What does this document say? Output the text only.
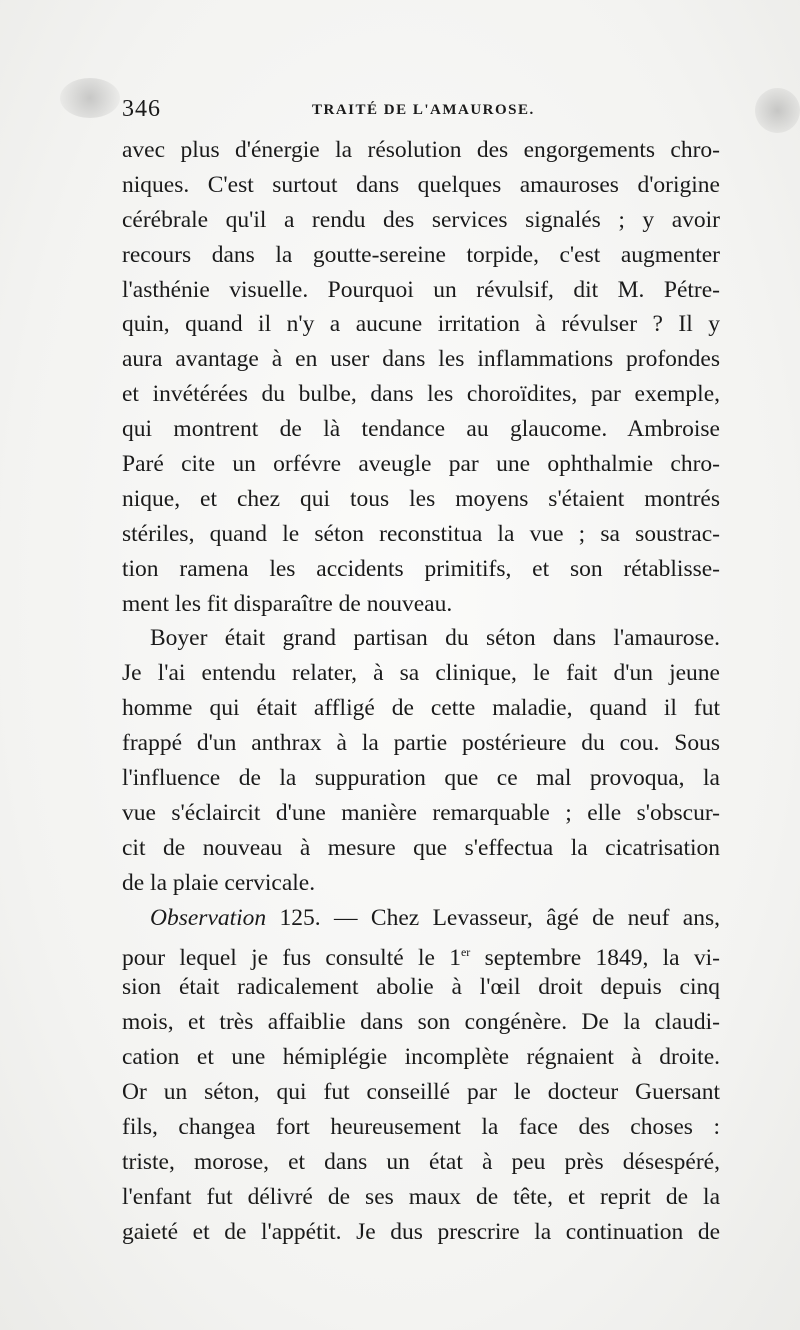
346	TRAITÉ DE L'AMAUROSE.
avec plus d'énergie la résolution des engorgements chro-
niques. C'est surtout dans quelques amauroses d'origine
cérébrale qu'il a rendu des services signalés ; y avoir
recours dans la goutte-sereine torpide, c'est augmenter
l'asthénie visuelle. Pourquoi un révulsif, dit M. Pétre-
quin, quand il n'y a aucune irritation à révulser ? Il y
aura avantage à en user dans les inflammations profondes
et invétérées du bulbe, dans les choroïdites, par exemple,
qui montrent de là tendance au glaucome. Ambroise
Paré cite un orfévre aveugle par une ophthalmie chro-
nique, et chez qui tous les moyens s'étaient montrés
stériles, quand le séton reconstitua la vue ; sa soustrac-
tion ramena les accidents primitifs, et son rétablisse-
ment les fit disparaître de nouveau.
Boyer était grand partisan du séton dans l'amaurose.
Je l'ai entendu relater, à sa clinique, le fait d'un jeune
homme qui était affligé de cette maladie, quand il fut
frappé d'un anthrax à la partie postérieure du cou. Sous
l'influence de la suppuration que ce mal provoqua, la
vue s'éclaircit d'une manière remarquable ; elle s'obscur-
cit de nouveau à mesure que s'effectua la cicatrisation
de la plaie cervicale.
Observation 125. — Chez Levasseur, âgé de neuf ans,
pour lequel je fus consulté le 1er septembre 1849, la vi-
sion était radicalement abolie à l'œil droit depuis cinq
mois, et très affaiblie dans son congénère. De la claudi-
cation et une hémiplégie incomplète régnaient à droite.
Or un séton, qui fut conseillé par le docteur Guersant
fils, changea fort heureusement la face des choses :
triste, morose, et dans un état à peu près désespéré,
l'enfant fut délivré de ses maux de tête, et reprit de la
gaieté et de l'appétit. Je dus prescrire la continuation de
